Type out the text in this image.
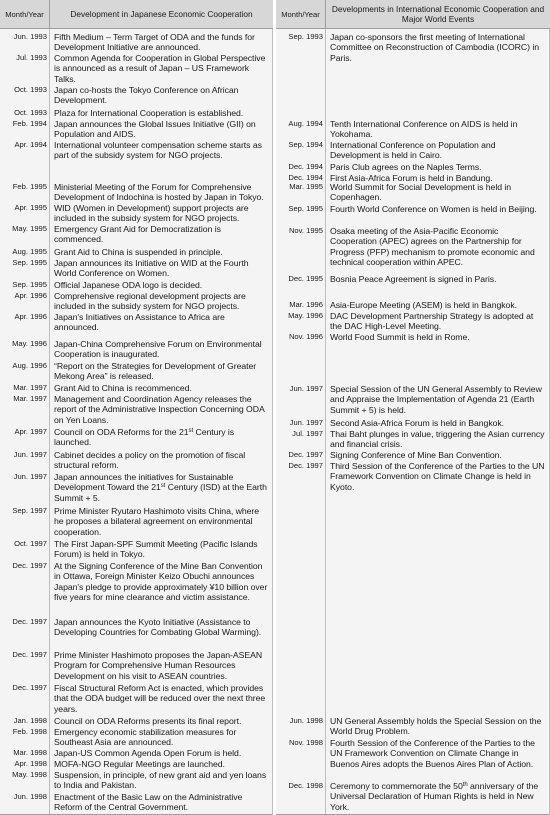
Month/Year	Development in Japanese Economic Cooperation
Jun. 1993 Fifth Medium – Term Target of ODA and the funds for Development Initiative are announced.
Jul. 1993 Common Agenda for Cooperation in Global Perspective is announced as a result of Japan – US Framework Talks.
Oct. 1993 Japan co-hosts the Tokyo Conference on African Development.
Oct. 1993 Plaza for International Cooperation is established.
Feb. 1994 Japan announces the Global Issues Initiative (GII) on Population and AIDS.
Apr. 1994 International volunteer compensation scheme starts as part of the subsidy system for NGO projects.
Feb. 1995 Ministerial Meeting of the Forum for Comprehensive Development of Indochina is hosted by Japan in Tokyo.
Apr. 1995 WID (Women in Development) support projects are included in the subsidy system for NGO projects.
May. 1995 Emergency Grant Aid for Democratization is commenced.
Aug. 1995 Grant Aid to China is suspended in principle.
Sep. 1995 Japan announces its Initiative on WID at the Fourth World Conference on Women.
Sep. 1995 Official Japanese ODA logo is decided.
Apr. 1996 Comprehensive regional development projects are included in the subsidy system for NGO projects.
Apr. 1996 Japan's Initiatives on Assistance to Africa are announced.
May. 1996 Japan-China Comprehensive Forum on Environmental Cooperation is inaugurated.
Aug. 1996 “Report on the Strategies for Development of Greater Mekong Area” is released.
Mar. 1997 Grant Aid to China is recommenced.
Mar. 1997 Management and Coordination Agency releases the report of the Administrative Inspection Concerning ODA on Yen Loans.
Apr. 1997 Council on ODA Reforms for the 21st Century is launched.
Jun. 1997 Cabinet decides a policy on the promotion of fiscal structural reform.
Jun. 1997 Japan announces the initiatives for Sustainable Development Toward the 21st Century (ISD) at the Earth Summit + 5.
Sep. 1997 Prime Minister Ryutaro Hashimoto visits China, where he proposes a bilateral agreement on environmental cooperation.
Oct. 1997 The First Japan-SPF Summit Meeting (Pacific Islands Forum) is held in Tokyo.
Dec. 1997 At the Signing Conference of the Mine Ban Convention in Ottawa, Foreign Minister Keizo Obuchi announces Japan's pledge to provide approximately ¥10 billion over five years for mine clearance and victim assistance.
Dec. 1997 Japan announces the Kyoto Initiative (Assistance to Developing Countries for Combating Global Warming).
Dec. 1997 Prime Minister Hashimoto proposes the Japan-ASEAN Program for Comprehensive Human Resources Development on his visit to ASEAN countries.
Dec. 1997 Fiscal Structural Reform Act is enacted, which provides that the ODA budget will be reduced over the next three years.
Jan. 1998 Council on ODA Reforms presents its final report.
Feb. 1998 Emergency economic stabilization measures for Southeast Asia are announced.
Mar. 1998 Japan-US Common Agenda Open Forum is held.
Apr. 1998 MOFA-NGO Regular Meetings are launched.
May. 1998 Suspension, in principle, of new grant aid and yen loans to India and Pakistan.
Jun. 1998 Enactment of the Basic Law on the Administrative Reform of the Central Government.
Month/Year	Developments in International Economic Cooperation and Major World Events
Sep. 1993 Japan co-sponsors the first meeting of International Committee on Reconstruction of Cambodia (ICORC) in Paris.
Aug. 1994 Tenth International Conference on AIDS is held in Yokohama.
Sep. 1994 International Conference on Population and Development is held in Cairo.
Dec. 1994 Paris Club agrees on the Naples Terms.
Dec. 1994 First Asia-Africa Forum is held in Bandung.
Mar. 1995 World Summit for Social Development is held in Copenhagen.
Sep. 1995 Fourth World Conference on Women is held in Beijing.
Nov. 1995 Osaka meeting of the Asia-Pacific Economic Cooperation (APEC) agrees on the Partnership for Progress (PFP) mechanism to promote economic and technical cooperation within APEC.
Dec. 1995 Bosnia Peace Agreement is signed in Paris.
Mar. 1996 Asia-Europe Meeting (ASEM) is held in Bangkok.
May. 1996 DAC Development Partnership Strategy is adopted at the DAC High-Level Meeting.
Nov. 1996 World Food Summit is held in Rome.
Jun. 1997 Special Session of the UN General Assembly to Review and Appraise the Implementation of Agenda 21 (Earth Summit + 5) is held.
Jun. 1997 Second Asia-Africa Forum is held in Bangkok.
Jul. 1997 Thai Baht plunges in value, triggering the Asian currency and financial crisis.
Dec. 1997 Signing Conference of Mine Ban Convention.
Dec. 1997 Third Session of the Conference of the Parties to the UN Framework Convention on Climate Change is held in Kyoto.
Jun. 1998 UN General Assembly holds the Special Session on the World Drug Problem.
Nov. 1998 Fourth Session of the Conference of the Parties to the UN Framework Convention on Climate Change in Buenos Aires adopts the Buenos Aires Plan of Action.
Dec. 1998 Ceremony to commemorate the 50th anniversary of the Universal Declaration of Human Rights is held in New York.
